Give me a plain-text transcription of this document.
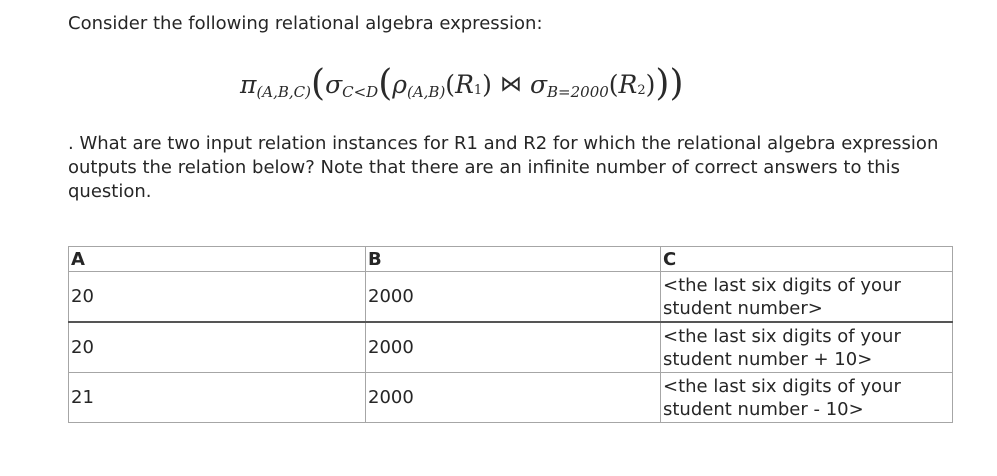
Consider the following relational algebra expression:
π (A,B,C) ( σ C<D ( ρ (A,B) ( R 1 ) ⋈ σ B=2000 ( R 2 ) ) )
. What are two input relation instances for R1 and R2 for which the relational algebra expression outputs the relation below? Note that there are an infinite number of correct answers to this question.
A	B	C
20	2000	<the last six digits of your student number>
20	2000	<the last six digits of your student number + 10>
21	2000	<the last six digits of your student number - 10>
